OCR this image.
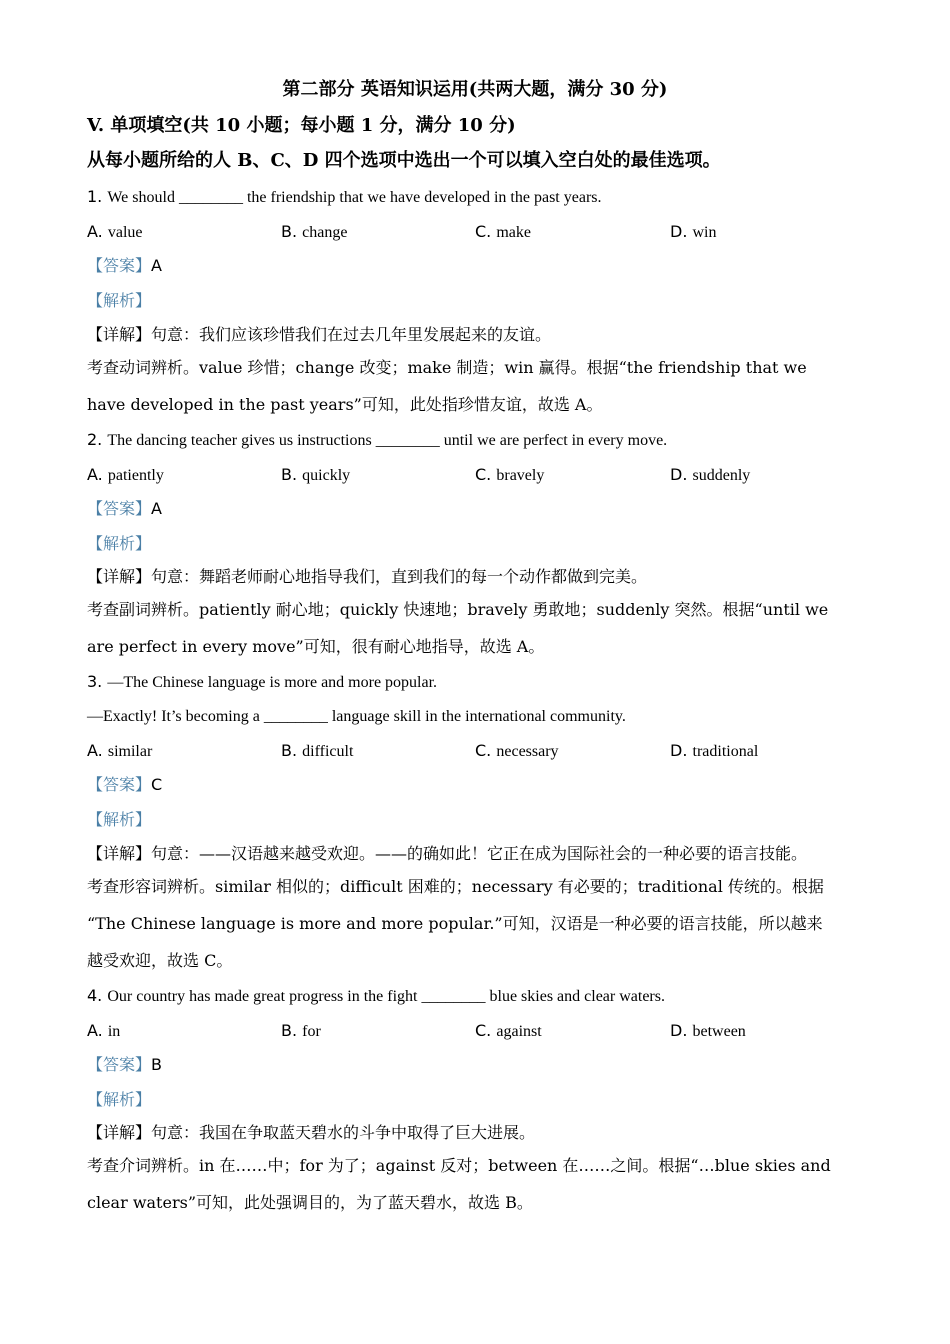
第二部分 英语知识运用(共两大题，满分 30 分)
V. 单项填空(共 10 小题；每小题 1 分，满分 10 分)
从每小题所给的人 B、C、D 四个选项中选出一个可以填入空白处的最佳选项。
1. We should ________ the friendship that we have developed in the past years.
A. value	B. change	C. make	D. win
【答案】A
【解析】
【详解】句意：我们应该珍惜我们在过去几年里发展起来的友谊。
考查动词辨析。value 珍惜；change 改变；make 制造；win 赢得。根据“the friendship that we
have developed in the past years”可知，此处指珍惜友谊，故选 A。
2. The dancing teacher gives us instructions ________ until we are perfect in every move.
A. patiently	B. quickly	C. bravely	D. suddenly
【答案】A
【解析】
【详解】句意：舞蹈老师耐心地指导我们，直到我们的每一个动作都做到完美。
考查副词辨析。patiently 耐心地；quickly 快速地；bravely 勇敢地；suddenly 突然。根据“until we
are perfect in every move”可知，很有耐心地指导，故选 A。
3. —The Chinese language is more and more popular.
—Exactly! It’s becoming a ________ language skill in the international community.
A. similar	B. difficult	C. necessary	D. traditional
【答案】C
【解析】
【详解】句意：——汉语越来越受欢迎。——的确如此！它正在成为国际社会的一种必要的语言技能。
考查形容词辨析。similar 相似的；difficult 困难的；necessary 有必要的；traditional 传统的。根据
“The Chinese language is more and more popular.”可知，汉语是一种必要的语言技能，所以越来
越受欢迎，故选 C。
4. Our country has made great progress in the fight ________ blue skies and clear waters.
A. in	B. for	C. against	D. between
【答案】B
【解析】
【详解】句意：我国在争取蓝天碧水的斗争中取得了巨大进展。
考查介词辨析。in 在……中；for 为了；against 反对；between 在……之间。根据“…blue skies and
clear waters”可知，此处强调目的，为了蓝天碧水，故选 B。
